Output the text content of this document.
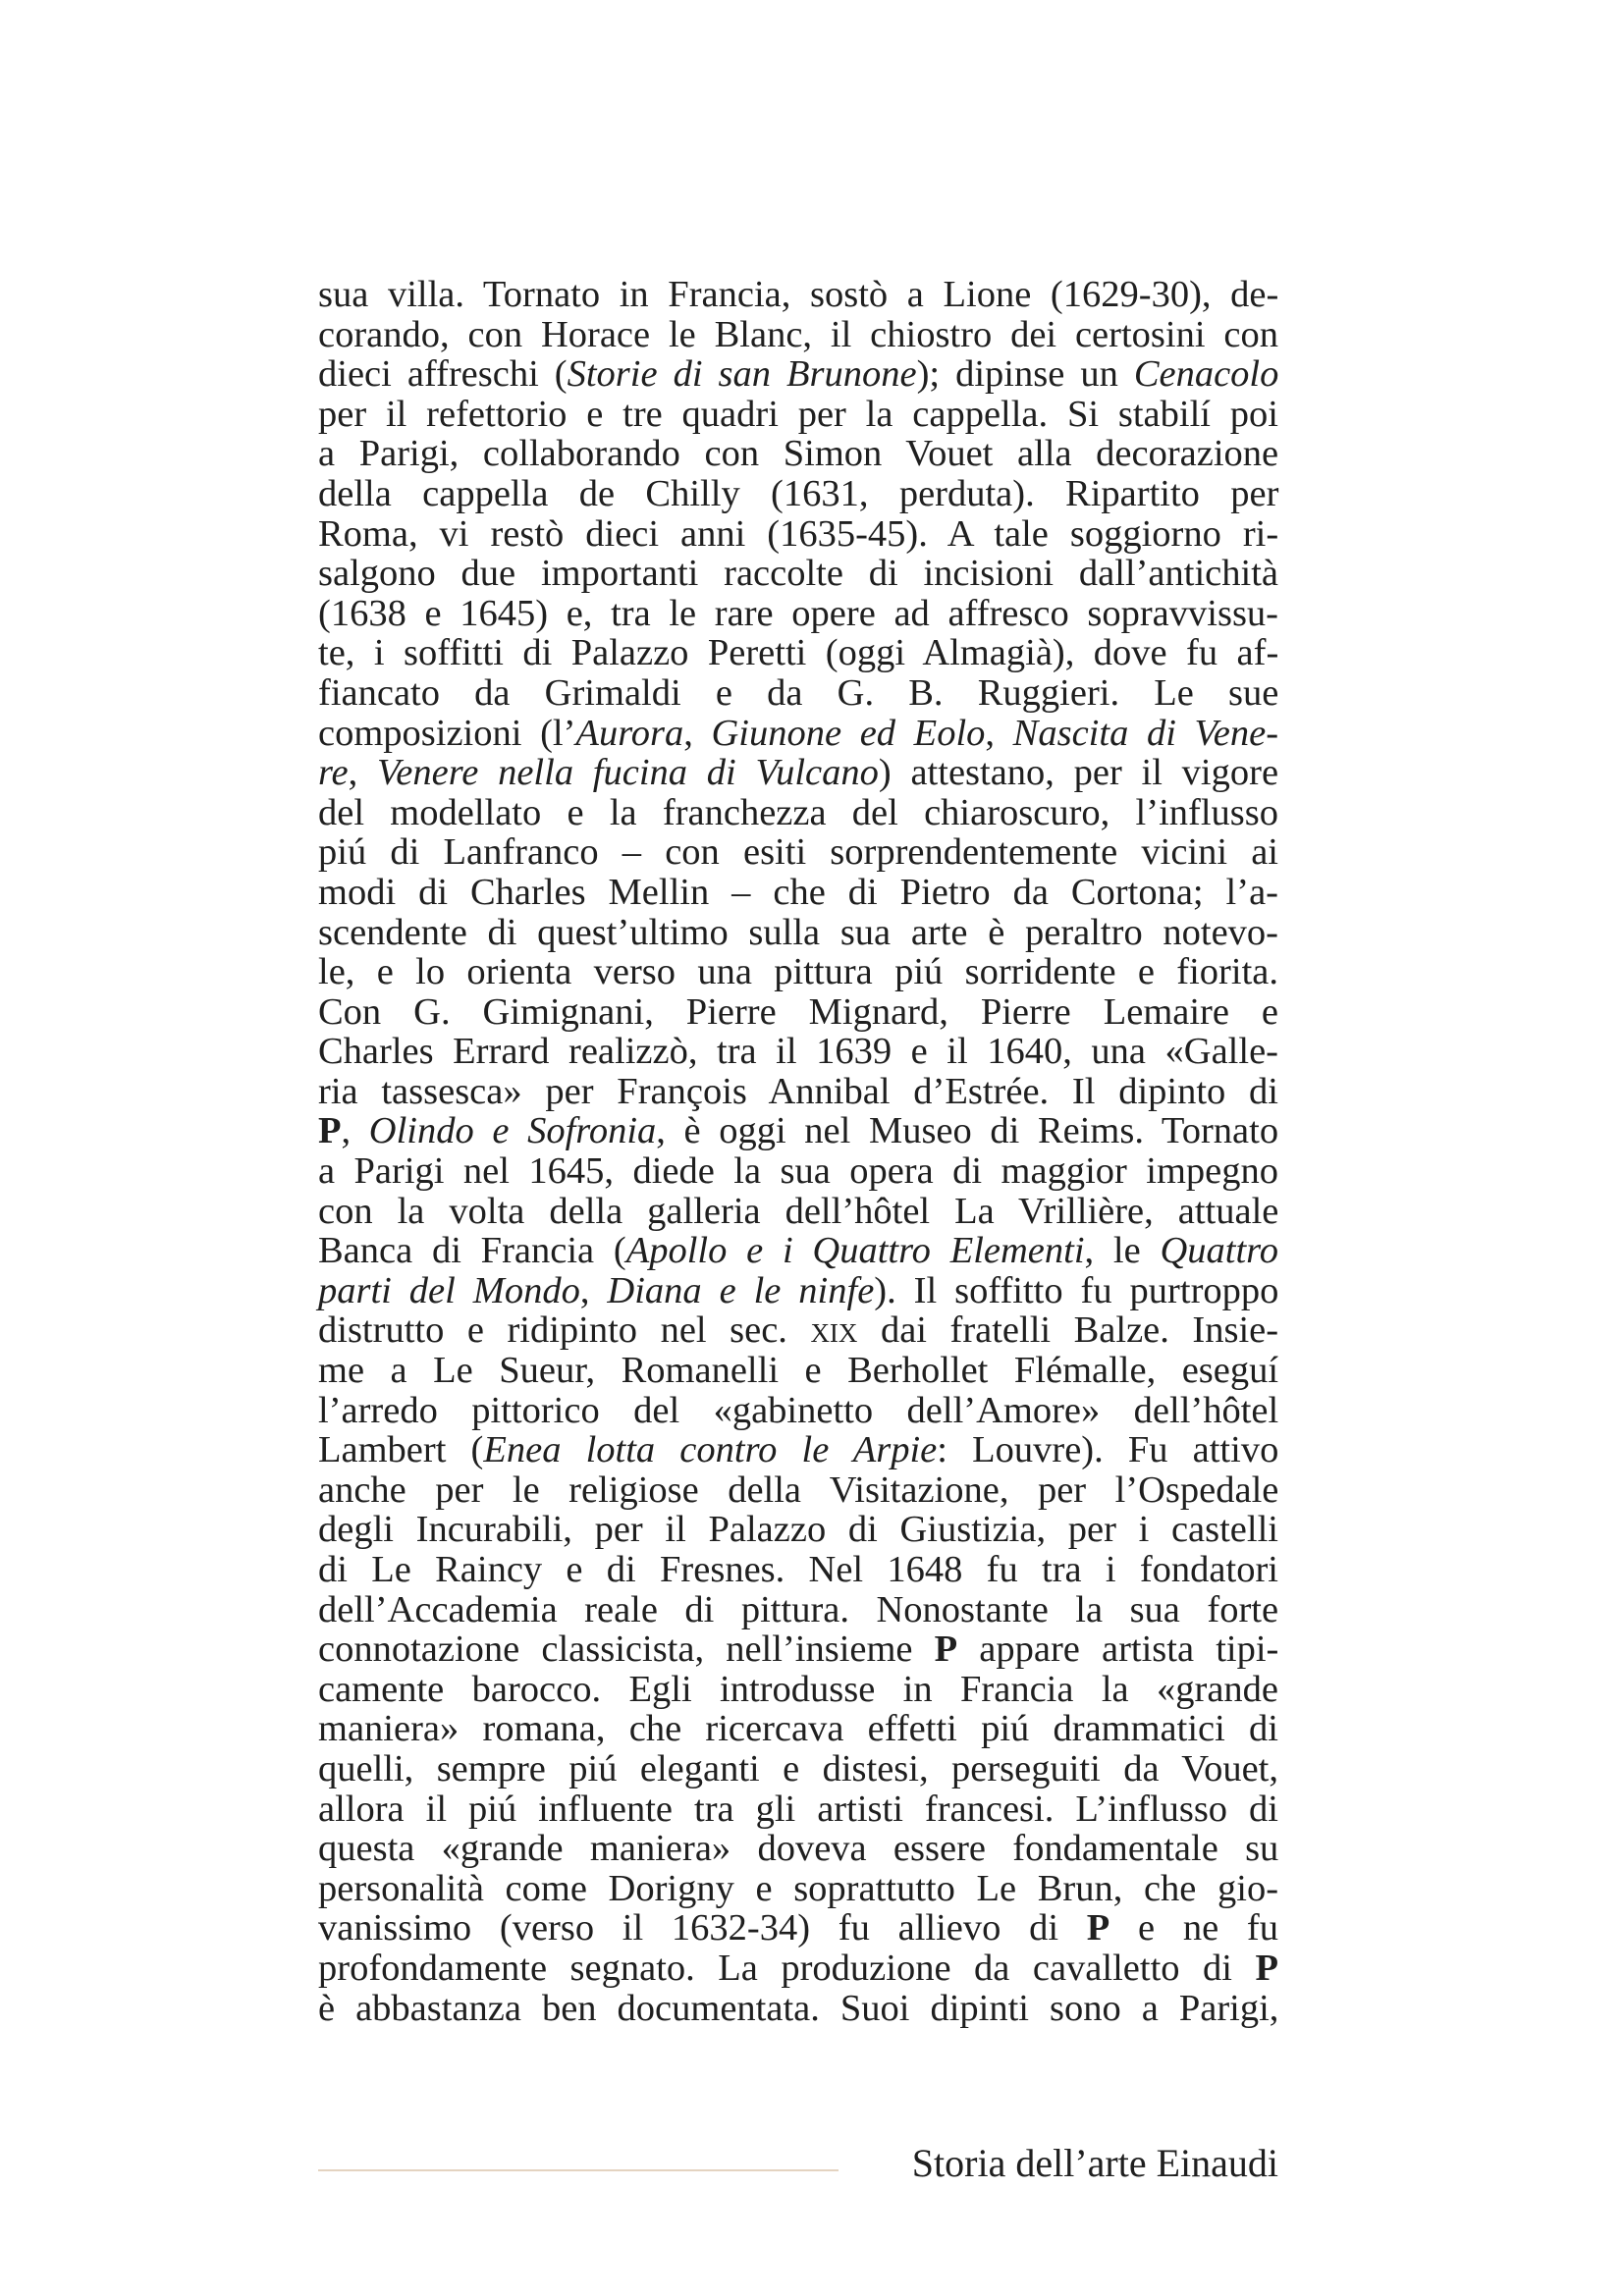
sua villa. Tornato in Francia, sostò a Lione (1629-30), de-
corando, con Horace le Blanc, il chiostro dei certosini con
dieci affreschi (Storie di san Brunone); dipinse un Cenacolo
per il refettorio e tre quadri per la cappella. Si stabilí poi
a Parigi, collaborando con Simon Vouet alla decorazione
della cappella de Chilly (1631, perduta). Ripartito per
Roma, vi restò dieci anni (1635-45). A tale soggiorno ri-
salgono due importanti raccolte di incisioni dall’antichità
(1638 e 1645) e, tra le rare opere ad affresco sopravvissu-
te, i soffitti di Palazzo Peretti (oggi Almagià), dove fu af-
fiancato da Grimaldi e da G. B. Ruggieri. Le sue
composizioni (l’Aurora, Giunone ed Eolo, Nascita di Vene-
re, Venere nella fucina di Vulcano) attestano, per il vigore
del modellato e la franchezza del chiaroscuro, l’influsso
piú di Lanfranco – con esiti sorprendentemente vicini ai
modi di Charles Mellin – che di Pietro da Cortona; l’a-
scendente di quest’ultimo sulla sua arte è peraltro notevo-
le, e lo orienta verso una pittura piú sorridente e fiorita.
Con G. Gimignani, Pierre Mignard, Pierre Lemaire e
Charles Errard realizzò, tra il 1639 e il 1640, una «Galle-
ria tassesca» per François Annibal d’Estrée. Il dipinto di
P, Olindo e Sofronia, è oggi nel Museo di Reims. Tornato
a Parigi nel 1645, diede la sua opera di maggior impegno
con la volta della galleria dell’hôtel La Vrillière, attuale
Banca di Francia (Apollo e i Quattro Elementi, le Quattro
parti del Mondo, Diana e le ninfe). Il soffitto fu purtroppo
distrutto e ridipinto nel sec. xix dai fratelli Balze. Insie-
me a Le Sueur, Romanelli e Berhollet Flémalle, eseguí
l’arredo pittorico del «gabinetto dell’Amore» dell’hôtel
Lambert (Enea lotta contro le Arpie: Louvre). Fu attivo
anche per le religiose della Visitazione, per l’Ospedale
degli Incurabili, per il Palazzo di Giustizia, per i castelli
di Le Raincy e di Fresnes. Nel 1648 fu tra i fondatori
dell’Accademia reale di pittura. Nonostante la sua forte
connotazione classicista, nell’insieme P appare artista tipi-
camente barocco. Egli introdusse in Francia la «grande
maniera» romana, che ricercava effetti piú drammatici di
quelli, sempre piú eleganti e distesi, perseguiti da Vouet,
allora il piú influente tra gli artisti francesi. L’influsso di
questa «grande maniera» doveva essere fondamentale su
personalità come Dorigny e soprattutto Le Brun, che gio-
vanissimo (verso il 1632-34) fu allievo di P e ne fu
profondamente segnato. La produzione da cavalletto di P
è abbastanza ben documentata. Suoi dipinti sono a Parigi,
Storia dell’arte Einaudi
